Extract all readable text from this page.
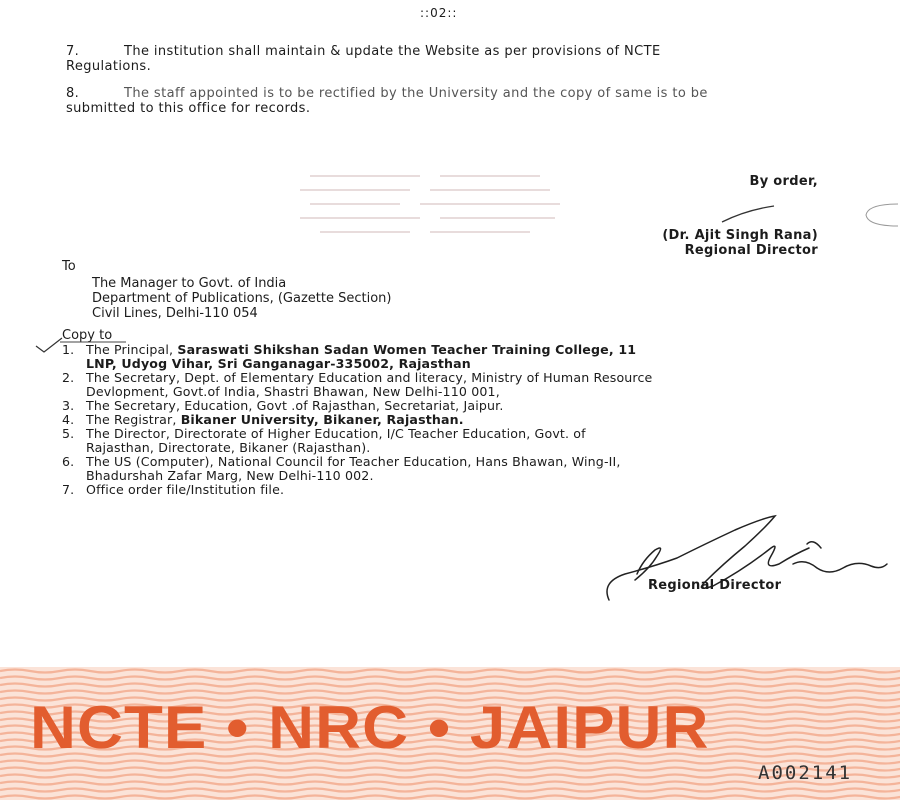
::02::
7.	The institution shall maintain & update the Website as per provisions of NCTE
Regulations.
8.	The staff appointed is to be rectified by the University and the copy of same is to be
submitted to this office for records.
By order,
(Dr. Ajit Singh Rana)
Regional Director
To
The Manager to Govt. of India
Department of Publications, (Gazette Section)
Civil Lines, Delhi-110 054
Copy to
1. The Principal, Saraswati Shikshan Sadan Women Teacher Training College, 11
LNP, Udyog Vihar, Sri Ganganagar-335002, Rajasthan
2. The Secretary, Dept. of Elementary Education and literacy, Ministry of Human Resource
Devlopment, Govt.of India, Shastri Bhawan, New Delhi-110 001,
3. The Secretary, Education, Govt .of Rajasthan, Secretariat, Jaipur.
4. The Registrar, Bikaner University, Bikaner, Rajasthan.
5. The Director, Directorate of Higher Education, I/C Teacher Education, Govt. of
Rajasthan, Directorate, Bikaner (Rajasthan).
6. The US (Computer), National Council for Teacher Education, Hans Bhawan, Wing-II,
Bhadurshah Zafar Marg, New Delhi-110 002.
7. Office order file/Institution file.
Regional Director
NCTE • NRC • JAIPUR
A002141
